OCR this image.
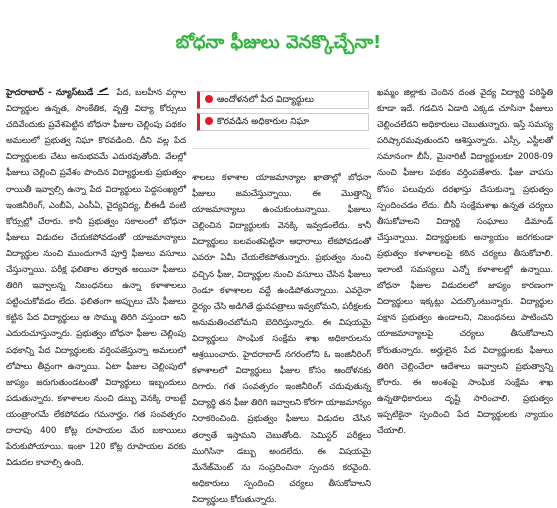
బోధనా ఫీజులు వెనక్కొచ్చేనా!
హైదరాబాద్ - న్యూస్‌టుడే	పేద, బలహీన వర్గాల విద్యార్థుల ఉన్నత, సాంకేతిక, వృత్తి విద్యా కోర్సులు చదివేందుకు ప్రవేశపెట్టిన బోధనా ఫీజుల చెల్లింపు పథకం అమలులో ప్రభుత్వ నిఘా కొరవడింది. దీని వల్ల పేద విద్యార్థులకు చేటు అనుభవమే ఎదురవుతోంది. వేలల్లో ఫీజులు చెల్లించి ప్రవేశం పొందిన విద్యార్థులకు ప్రభుత్వం రాయితీ ఇవ్వాల్సి ఉన్నా పేద విద్యార్థులు పెద్దసంఖ్యలో ఇంజినీరింగ్, ఎంబీఏ, ఎంసీఏ, వైద్యవిద్య, బీఈడీ వంటి కోర్సుల్లో చేరారు. కానీ ప్రభుత్వం సకాలంలో బోధనా ఫీజులు విడుదల చేయకపోవడంతో యాజమాన్యాలు విద్యార్థుల నుంచి ముందుగానే పూర్తి ఫీజులు వసూలు చేస్తున్నాయి. పరీక్ష ఫలితాల తర్వాత అయినా ఫీజులు తిరిగి ఇవ్వాలన్న నిబంధనలు ఉన్నా కళాశాలలు పట్టించుకోవడం లేదు. ఫలితంగా అప్పులు చేసి ఫీజులు కట్టిన పేద విద్యార్థులు ఆ సొమ్ము తిరిగి వస్తుందా అని ఎదురుచూస్తున్నారు. ప్రభుత్వం బోధనా ఫీజుల చెల్లింపు పథకాన్ని పేద విద్యార్థులకు వర్తింపజేస్తున్నా అమలులో లోపాలు తీవ్రంగా ఉన్నాయి. ఏటా ఫీజుల చెల్లింపులో జాప్యం జరుగుతుండటంతో విద్యార్థులు ఇబ్బందులు పడుతున్నారు. కళాశాలల నుంచి డబ్బు వెనక్కి రాబట్టే యంత్రాంగమే లేకపోవడం గమనార్హం. గత సంవత్సరం దాదాపు 400 కోట్ల రూపాయల మేర బకాయిలు పేరుకుపోయాయి. ఇంకా 120 కోట్ల రూపాయల వరకు విడుదల కావాల్సి ఉంది.
ఆందోళనలో పేద విద్యార్థులు
కొరవడిన అధికారుల నిఘా
శాలలు కళాశాల యాజమాన్యాల ఖాతాల్లో బోధనా ఫీజులు జమచేస్తున్నాయి. ఈ మొత్తాన్ని యాజమాన్యాలు ఉంచుకుంటున్నాయి. ఫీజులు చెల్లించిన విద్యార్థులకు వెనక్కి ఇవ్వడంలేదు. కానీ విద్యార్థులు బలవంతపెట్టినా ఆధారాలు లేకపోవడంతో ఎవరూ ఏమీ చేయలేకపోతున్నారు. ప్రభుత్వం నుంచి వచ్చిన ఫీజు, విద్యార్థుల నుంచి వసూలు చేసిన ఫీజులు రెండూ కళాశాలల వద్దే ఉండిపోతున్నాయి. ఎవరైనా ధైర్యం చేసి అడిగితే ధ్రువపత్రాలు ఇవ్వబోమని, పరీక్షలకు అనుమతించబోమని బెదిరిస్తున్నారు. ఈ విషయమై విద్యార్థులు సాంఘిక సంక్షేమ శాఖ అధికారులను ఆశ్రయించారు. హైదరాబాద్ నగరంలోని ఓ ఇంజినీరింగ్ కళాశాలలో విద్యార్థులు ఫీజుల కోసం ఆందోళనకు దిగారు. గత సంవత్సరం ఇంజినీరింగ్ చదువుతున్న విద్యార్థి తన ఫీజు తిరిగి ఇవ్వాలని కోరగా యాజమాన్యం నిరాకరించింది. ప్రభుత్వం ఫీజులు విడుదల చేసిన తర్వాతే ఇస్తామని చెబుతోంది. సెమిస్టర్ పరీక్షలు ముగిసినా డబ్బు అందలేదు. ఈ విషయమై మేనేజ్‌మెంట్ ను సంప్రదించినా స్పందన కరవైంది. అధికారులు స్పందించి చర్యలు తీసుకోవాలని విద్యార్థులు కోరుతున్నారు.
ఖమ్మం జిల్లాకు చెందిన దంత వైద్య విద్యార్థి పరిస్థితి కూడా ఇదే. గడచిన ఏడాది ఎక్కడ చూసినా ఫీజులు చెల్లించలేదని అధికారులు చెబుతున్నారు. ఇస్తే సమస్య పరిష్కారమవుతుందని ఆశిస్తున్నారు. ఎస్సీ, ఎస్టీలతో సమానంగా బీసీ, మైనారిటీ విద్యార్థులకూ 2008-09 నుంచి ఫీజుల పథకం వర్తింపజేశారు. ఫీజు వాపసు కోసం పలువురు దరఖాస్తు చేసుకున్నా ప్రభుత్వం స్పందించడం లేదు. బీసీ సంక్షేమశాఖ ఉన్నత చర్యలు తీసుకోవాలని విద్యార్థి సంఘాలు డిమాండ్ చేస్తున్నాయి. విద్యార్థులకు అన్యాయం జరగకుండా ప్రభుత్వం కళాశాలలపై కఠిన చర్యలు తీసుకోవాలి. ఇలాంటి సమస్యలు ఎన్నో కళాశాలల్లో ఉన్నాయి. బోధనా ఫీజుల విడుదలలో జాప్యం కారణంగా విద్యార్థులు ఇక్కట్లు ఎదుర్కొంటున్నారు. విద్యార్థుల పక్షాన ప్రభుత్వం ఉండాలని, నిబంధనలు పాటించని యాజమాన్యాలపై చర్యలు తీసుకోవాలని కోరుతున్నారు. అర్హులైన పేద విద్యార్థులకు ఫీజులు తిరిగి చెల్లించేలా ఆదేశాలు ఇవ్వాలని ప్రభుత్వాన్ని కోరారు. ఈ అంశంపై సాంఘిక సంక్షేమ శాఖ ఉన్నతాధికారులు దృష్టి సారించాలి. ప్రభుత్వం ఇప్పటికైనా స్పందించి పేద విద్యార్థులకు న్యాయం చేయాలి.
